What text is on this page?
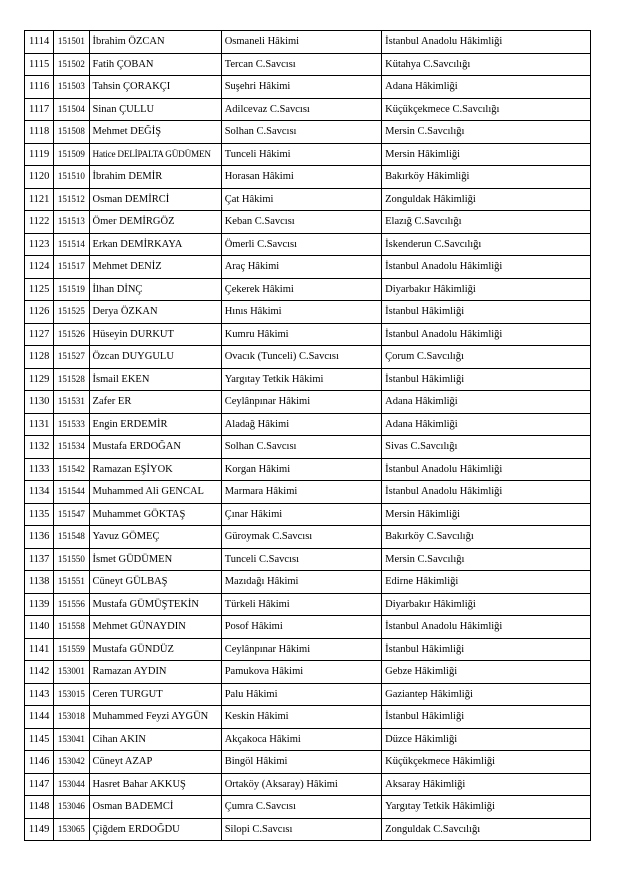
1114	151501	İbrahim ÖZCAN	Osmaneli Hâkimi	İstanbul Anadolu Hâkimliği
1115	151502	Fatih ÇOBAN	Tercan C.Savcısı	Kütahya C.Savcılığı
1116	151503	Tahsin ÇORAKÇI	Suşehri Hâkimi	Adana Hâkimliği
1117	151504	Sinan ÇULLU	Adilcevaz C.Savcısı	Küçükçekmece C.Savcılığı
1118	151508	Mehmet DEĞİŞ	Solhan C.Savcısı	Mersin C.Savcılığı
1119	151509	Hatice DELİPALTA GÜDÜMEN	Tunceli Hâkimi	Mersin Hâkimliği
1120	151510	İbrahim DEMİR	Horasan Hâkimi	Bakırköy Hâkimliği
1121	151512	Osman DEMİRCİ	Çat Hâkimi	Zonguldak Hâkimliği
1122	151513	Ömer DEMİRGÖZ	Keban C.Savcısı	Elazığ C.Savcılığı
1123	151514	Erkan DEMİRKAYA	Ömerli C.Savcısı	İskenderun C.Savcılığı
1124	151517	Mehmet DENİZ	Araç Hâkimi	İstanbul Anadolu Hâkimliği
1125	151519	İlhan DİNÇ	Çekerek Hâkimi	Diyarbakır Hâkimliği
1126	151525	Derya ÖZKAN	Hınıs Hâkimi	İstanbul Hâkimliği
1127	151526	Hüseyin DURKUT	Kumru Hâkimi	İstanbul Anadolu Hâkimliği
1128	151527	Özcan DUYGULU	Ovacık (Tunceli) C.Savcısı	Çorum C.Savcılığı
1129	151528	İsmail EKEN	Yargıtay Tetkik Hâkimi	İstanbul Hâkimliği
1130	151531	Zafer ER	Ceylânpınar Hâkimi	Adana Hâkimliği
1131	151533	Engin ERDEMİR	Aladağ Hâkimi	Adana Hâkimliği
1132	151534	Mustafa ERDOĞAN	Solhan C.Savcısı	Sivas C.Savcılığı
1133	151542	Ramazan EŞİYOK	Korgan Hâkimi	İstanbul Anadolu Hâkimliği
1134	151544	Muhammed Ali GENCAL	Marmara Hâkimi	İstanbul Anadolu Hâkimliği
1135	151547	Muhammet GÖKTAŞ	Çınar Hâkimi	Mersin Hâkimliği
1136	151548	Yavuz GÖMEÇ	Güroymak C.Savcısı	Bakırköy C.Savcılığı
1137	151550	İsmet GÜDÜMEN	Tunceli C.Savcısı	Mersin C.Savcılığı
1138	151551	Cüneyt GÜLBAŞ	Mazıdağı Hâkimi	Edirne Hâkimliği
1139	151556	Mustafa GÜMÜŞTEKİN	Türkeli Hâkimi	Diyarbakır Hâkimliği
1140	151558	Mehmet GÜNAYDIN	Posof Hâkimi	İstanbul Anadolu Hâkimliği
1141	151559	Mustafa GÜNDÜZ	Ceylânpınar Hâkimi	İstanbul Hâkimliği
1142	153001	Ramazan AYDIN	Pamukova Hâkimi	Gebze Hâkimliği
1143	153015	Ceren TURGUT	Palu Hâkimi	Gaziantep Hâkimliği
1144	153018	Muhammed Feyzi AYGÜN	Keskin Hâkimi	İstanbul Hâkimliği
1145	153041	Cihan AKIN	Akçakoca Hâkimi	Düzce Hâkimliği
1146	153042	Cüneyt AZAP	Bingöl Hâkimi	Küçükçekmece Hâkimliği
1147	153044	Hasret Bahar AKKUŞ	Ortaköy (Aksaray) Hâkimi	Aksaray Hâkimliği
1148	153046	Osman BADEMCİ	Çumra C.Savcısı	Yargıtay Tetkik Hâkimliği
1149	153065	Çiğdem ERDOĞDU	Silopi C.Savcısı	Zonguldak C.Savcılığı
